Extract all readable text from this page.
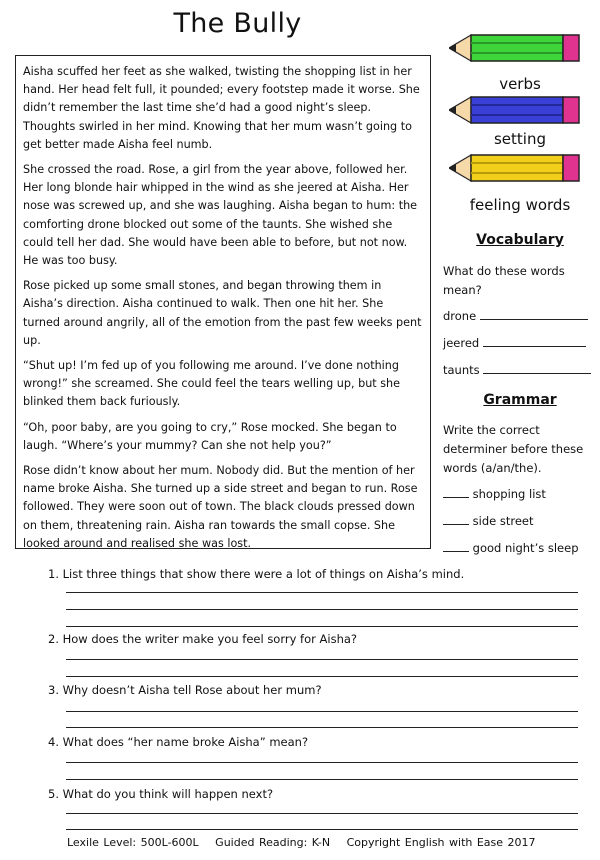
The Bully

Aisha scuffed her feet as she walked, twisting the shopping list in her hand. Her head felt full, it pounded; every footstep made it worse. She didn’t remember the last time she’d had a good night’s sleep. Thoughts swirled in her mind. Knowing that her mum wasn’t going to get better made Aisha feel numb.

She crossed the road. Rose, a girl from the year above, followed her. Her long blonde hair whipped in the wind as she jeered at Aisha. Her nose was screwed up, and she was laughing. Aisha began to hum: the comforting drone blocked out some of the taunts. She wished she could tell her dad. She would have been able to before, but not now. He was too busy.

Rose picked up some small stones, and began throwing them in Aisha’s direction. Aisha continued to walk. Then one hit her. She turned around angrily, all of the emotion from the past few weeks pent up.

“Shut up! I’m fed up of you following me around. I’ve done nothing wrong!” she screamed. She could feel the tears welling up, but she blinked them back furiously.

“Oh, poor baby, are you going to cry,” Rose mocked. She began to laugh. “Where’s your mummy? Can she not help you?”

Rose didn’t know about her mum. Nobody did. But the mention of her name broke Aisha. She turned up a side street and began to run. Rose followed. They were soon out of town. The black clouds pressed down on them, threatening rain. Aisha ran towards the small copse. She looked around and realised she was lost.

verbs
setting
feeling words
Vocabulary
What do these words mean?
drone
jeered
taunts
Grammar
Write the correct determiner before these words (a/an/the).
shopping list
side street
good night’s sleep
1. List three things that show there were a lot of things on Aisha’s mind.
2. How does the writer make you feel sorry for Aisha?
3. Why doesn’t Aisha tell Rose about her mum?
4. What does “her name broke Aisha” mean?
5. What do you think will happen next?
Lexile Level: 500L-600L Guided Reading: K-N Copyright English with Ease 2017
